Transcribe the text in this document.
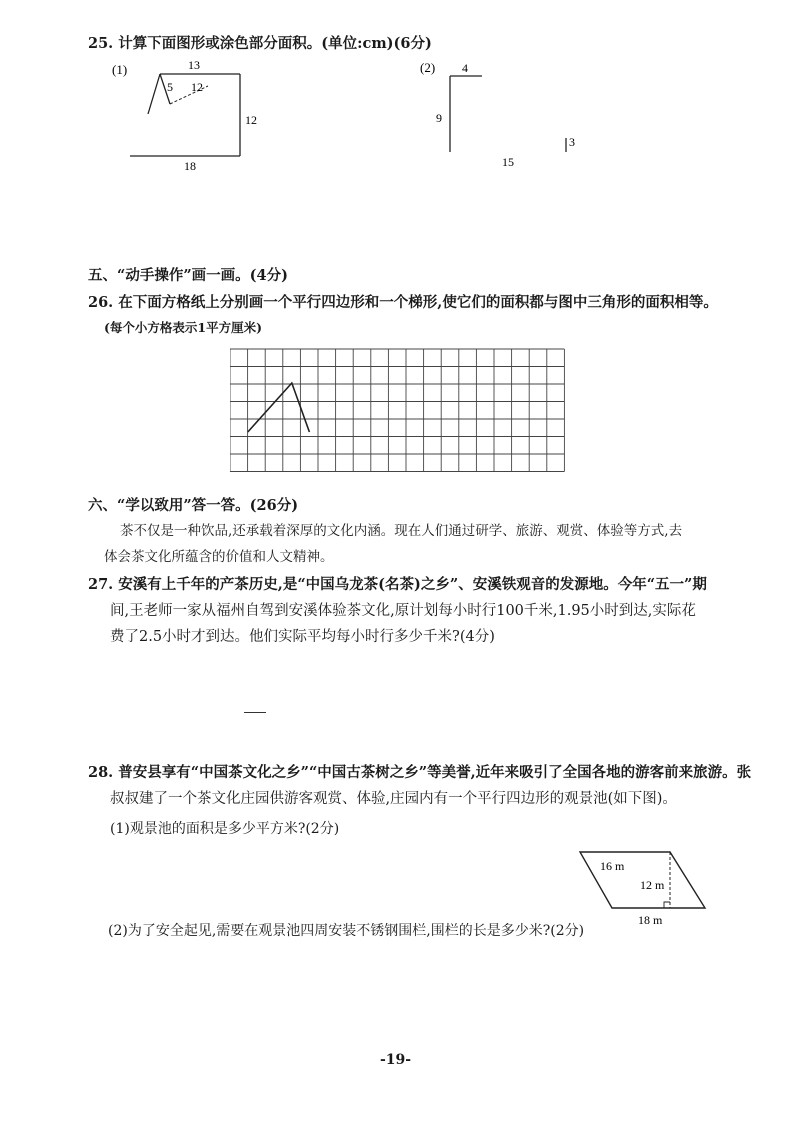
25. 计算下面图形或涂色部分面积。(单位:cm)(6分)
(1)	13
5 12
12
18
(2) 4
9
15
3
五、“动手操作”画一画。(4分)
26. 在下面方格纸上分别画一个平行四边形和一个梯形,使它们的面积都与图中三角形的面积相等。
(每个小方格表示1平方厘米)
六、“学以致用”答一答。(26分)
茶不仅是一种饮品,还承载着深厚的文化内涵。现在人们通过研学、旅游、观赏、体验等方式,去
体会茶文化所蕴含的价值和人文精神。
27. 安溪有上千年的产茶历史,是“中国乌龙茶(名茶)之乡”、安溪铁观音的发源地。今年“五一”期
间,王老师一家从福州自驾到安溪体验茶文化,原计划每小时行100千米,1.95小时到达,实际花
费了2.5小时才到达。他们实际平均每小时行多少千米?(4分)
28. 普安县享有“中国茶文化之乡”“中国古茶树之乡”等美誉,近年来吸引了全国各地的游客前来旅游。张
叔叔建了一个茶文化庄园供游客观赏、体验,庄园内有一个平行四边形的观景池(如下图)。
(1)观景池的面积是多少平方米?(2分)
16 m
12 m
18 m
(2)为了安全起见,需要在观景池四周安装不锈钢围栏,围栏的长是多少米?(2分)
-19-
